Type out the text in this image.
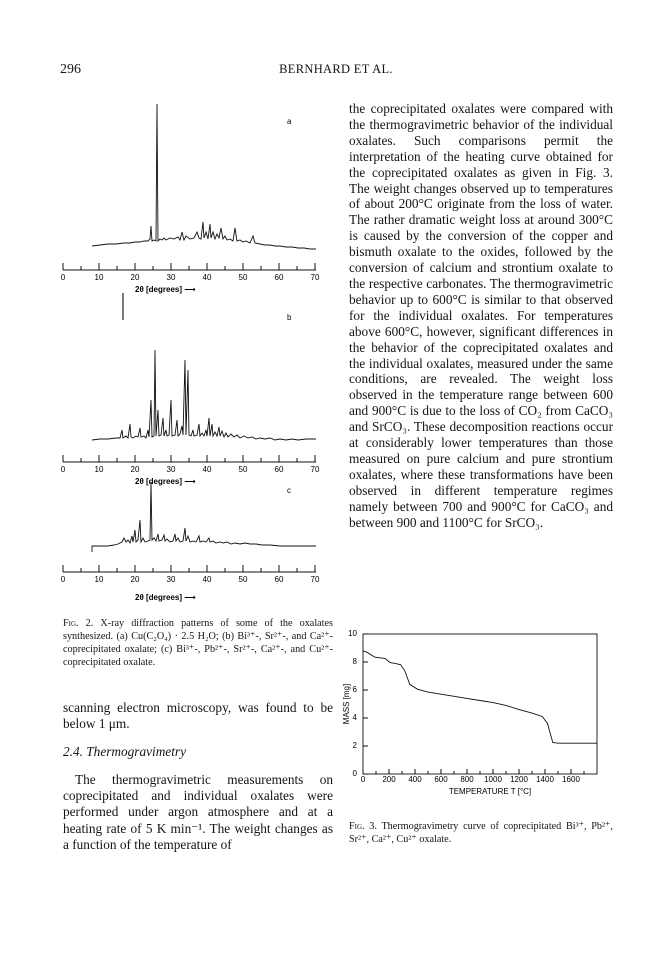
296	BERNHARD ET AL.
a
0	10	20	30	40	50	60	70
2θ [degrees] ⟶
b
0	10	20	30	40	50	60	70
2θ [degrees] ⟶
c
0	10	20	30	40	50	60	70
2θ [degrees] ⟶
Fig. 2. X-ray diffraction patterns of some of the oxalates synthesized. (a) Cu(C₂O₄) · 2.5 H₂O; (b) Bi³⁺-, Sr²⁺-, and Ca²⁺-coprecipitated oxalate; (c) Bi³⁺-, Pb²⁺-, Sr²⁺-, Ca²⁺-, and Cu²⁺-coprecipitated oxalate.
scanning electron microscopy, was found to be below 1 μm.
2.4. Thermogravimetry
The thermogravimetric measurements on coprecipitated and individual oxalates were performed under argon atmosphere and at a heating rate of 5 K min⁻¹. The weight changes as a function of the temperature of
the coprecipitated oxalates were compared with the thermogravimetric behavior of the individual oxalates. Such comparisons permit the interpretation of the heating curve obtained for the coprecipitated oxalates as given in Fig. 3. The weight changes observed up to temperatures of about 200°C originate from the loss of water. The rather dramatic weight loss at around 300°C is caused by the conversion of the copper and bismuth oxalate to the oxides, followed by the conversion of calcium and strontium oxalate to the respective carbonates. The thermogravimetric behavior up to 600°C is similar to that observed for the individual oxalates. For temperatures above 600°C, however, significant differences in the behavior of the coprecipitated oxalates and the individual oxalates, measured under the same conditions, are revealed. The weight loss observed in the temperature range between 600 and 900°C is due to the loss of CO₂ from CaCO₃ and SrCO₃. These decomposition reactions occur at considerably lower temperatures than those measured on pure calcium and pure strontium oxalates, where these transformations have been observed in different temperature regimes namely between 700 and 900°C for CaCO₃ and between 900 and 1100°C for SrCO₃.
0 200 400 600 800 1000 1200 1400 1600
0
2
4
6
8
10
TEMPERATURE T [°C]
MASS [mg]
Fig. 3. Thermogravimetry curve of coprecipitated Bi³⁺, Pb²⁺, Sr²⁺, Ca²⁺, Cu²⁺ oxalate.
